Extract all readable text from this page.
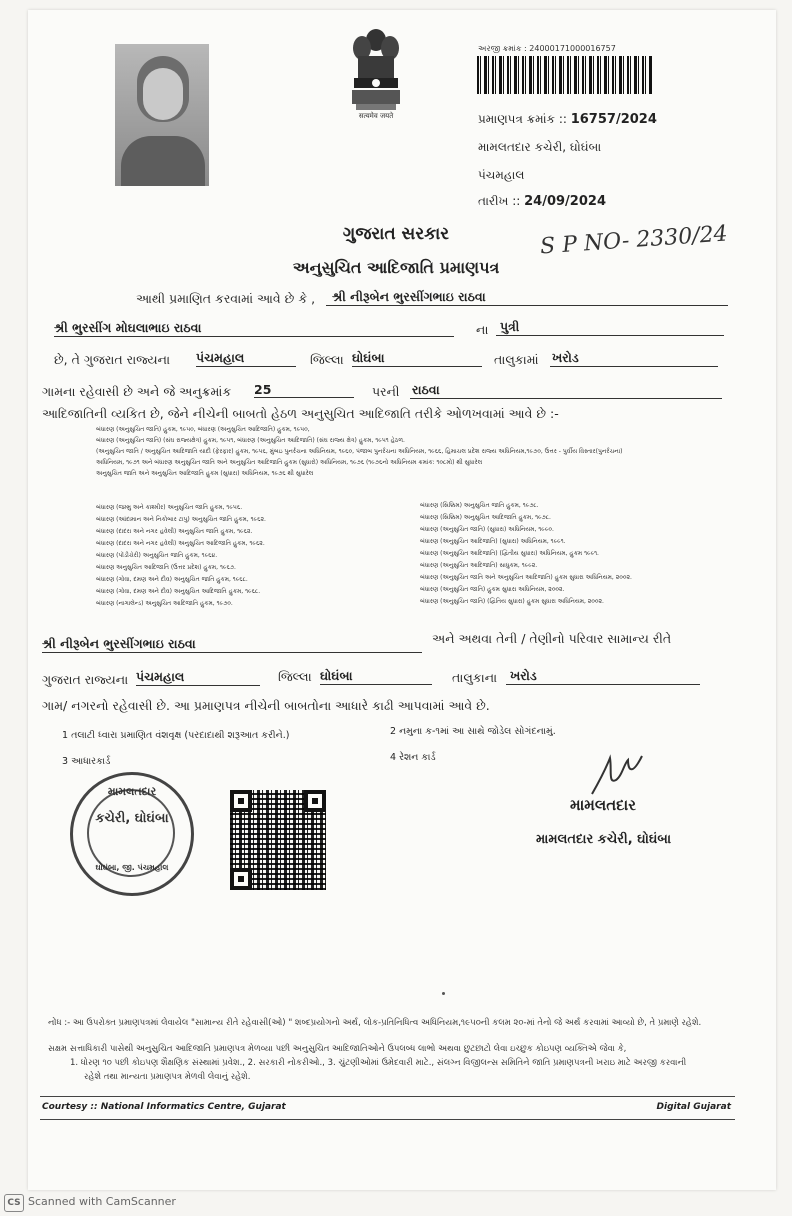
सत्यमेव जयते
અરજી ક્રમાંક : 24000171000016757
પ્રમાણપત્ર ક્રમાંક :: 16757/2024
મામલતદાર કચેરી, ઘોઘંબા
પંચમહાલ
તારીખ :: 24/09/2024
ગુજરાત સરકાર
અનુસુચિત આદિજાતિ પ્રમાણપત્ર
S P NO- 2330/24
આથી પ્રમાણિત કરવામાં આવે છે કે ,	શ્રી નીરૂબેન ભુરસીંગભાઇ રાઠવા
શ્રી ભુરસીંગ મોઘલાભાઇ રાઠવા	ના પુત્રી
છે, તે ગુજરાત રાજ્યના પંચમહાલ	જિલ્લા ઘોઘંબા	તાલુકામાં ખરોડ
ગામના રહેવાસી છે અને જે અનુક્રમાંક 25	પરની રાઠવા
આદિજાતિની વ્યકિત છે, જેને નીચેની બાબતો હેઠળ અનુસુચિત આદિજાતિ તરીકે ઓળખવામાં આવે છે :-
બંધારણ (અનુસુચિત જાતિ) હુકમ, ૧૯૫૦, બંધારણ (અનુસુચિત આદિજાતિ) હુકમ, ૧૯૫૦,
બંધારણ (અનુસુચિત જાતિ) (સંઘ રાજ્યક્ષેત્ર) હુકમ, ૧૯૫૧, બંધારણ (અનુસુચિત આદિજાતિ) (સંઘ રાજ્ય ક્ષેત્ર) હુકમ, ૧૯૫૧ હેઠળ.
(અનુસુચિત જાતિ / અનુસુચિત આદિજાતિ યાદી (ફેરફાર) હુકમ, ૧૯૫૬, મુંબઇ પુનર્રચના અધિનિયમ, ૧૯૬૦, પંજાબ પુનર્રચના અધિનિયમ, ૧૯૬૬, હિમાચલ પ્રદેશ રાજ્ય અધિનિયમ,૧૯૭૦, ઉત્તર - પુર્વીય વિસ્તાર(પુનર્રચના)
અધિનિયમ, ૧૯૭૧ અને બંધારણ અનુસુચિત જાતિ અને અનુસુચિત આદિજાતિ હુકમ (સુધારો) અધિનિયમ, ૧૯૭૬ (૧૯૭૬નો અધિનિયમ ક્રમાંક: ૧૦૮મો) થી સુધારેલ
અનુસુચિત જાતિ અને અનુસુચિત આદિજાતિ હુકમ (સુધારા) અધિનિયમ, ૧૯૭૬ થી સુધારેલ
બંધારણ (જમ્મુ અને કાશ્મીર) અનુસુચિત જાતિ હુકમ, ૧૯૫૬.
બંધારણ (આંદામાન અને નિકોબાર ટાપુ) અનુસુચિત જાતિ હુકમ, ૧૯૬૨.
બંધારણ (દાદરા અને નગર હવેલી) અનુસુચિત જાતિ હુકમ, ૧૯૬૨.
બંધારણ (દાદરા અને નગર હવેલી) અનુસુચિત આદિજાતિ હુકમ, ૧૯૬૨.
બંધારણ (પોંડીચેરી) અનુસુચિત જાતિ હુકમ, ૧૯૬૪.
બંધારણ અનુસુચિત આદિજાતિ (ઉત્તર પ્રદેશ) હુકમ, ૧૯૬૭.
બંધારણ (ગોવા, દમણ અને દીવ) અનુસુચિત જાતિ હુકમ, ૧૯૬૮.
બંધારણ (ગોવા, દમણ અને દીવ) અનુસુચિત આદિજાતિ હુકમ, ૧૯૬૮.
બંધારણ (નાગાલેન્ડ) અનુસુચિત આદિજાતિ હુકમ, ૧૯૭૦.
બંધારણ (સિક્કિમ) અનુસુચિત જાતિ હુકમ, ૧૯૭૮.
બંધારણ (સિક્કિમ) અનુસુચિત આદિજાતિ હુકમ, ૧૯૭૮.
બંધારણ (અનુસુચિત જાતિ) (સુધારા) અધિનિયમ, ૧૯૯૦.
બંધારણ (અનુસુચિત આદિજાતિ) (સુધારા) અધિનિયમ, ૧૯૯૧.
બંધારણ (અનુસુચિત આદિજાતિ) (દ્વિતીય સુધારા) અધિનિયમ, હુકમ ૧૯૯૧.
બંધારણ (અનુસુચિત આદિજાતિ) સાધુકમ, ૧૯૯૨.
બંધારણ (અનુસુચિત જાતિ અને અનુસુચિત આદિજાતિ) હુકમ સુધારા અધિનિયમ, ૨૦૦૨.
બંધારણ (અનુસુચિત જાતિ) હુકમ સુધારા અધિનિયમ, ૨૦૦૨.
બંધારણ (અનુસુચિત જાતિ) (દ્વિતિય સુધારા) હુકમ સુધારા અધિનિયમ, ૨૦૦૨.
શ્રી નીરૂબેન ભુરસીંગભાઇ રાઠવા	અને અથવા તેની / તેણીનો પરિવાર સામાન્ય રીતે
ગુજરાત રાજ્યના પંચમહાલ	જિલ્લા ઘોઘંબા	તાલુકાના	ખરોડ
ગામ/ નગરનો રહેવાસી છે. આ પ્રમાણપત્ર નીચેની બાબતોના આધારે કાઢી આપવામાં આવે છે.
1 તલાટી ધ્વારા પ્રમાણિત વંશવૃક્ષ (પરદાદાથી શરૂઆત કરીને.)	2 નમુના ક-૧માં આ સાથે જોડેલ સોગંદનામું.
3 આધારકાર્ડ	4 રેશન કાર્ડ
મામલતદાર
કચેરી, ઘોઘંબા
ઘોઘંબા, જી. પંચમહાલ
મામલતદાર
મામલતદાર કચેરી, ઘોઘંબા
નોંધ :- આ ઉપરોક્ત પ્રમાણપત્રમાં લેવાયેલ "સામાન્ય રીતે રહેવાસી(ઓ) " શબ્દપ્રયોગનો અર્થ, લોક-પ્રતિનિધિત્વ અધિનિયમ,૧૯૫૦ની કલમ ૨૦-માં તેનો જે અર્થ કરવામાં આવ્યો છે, તે પ્રમાણે રહેશે.
સક્ષમ સત્તાધિકારી પાસેથી અનુસુચિત આદિજાતિ પ્રમાણપત્ર મેળવ્યા પછી અનુસુચિત આદિજાતિઓને ઉપલબ્ધ લાભો અથવા છુટછાટો લેવા ઇચ્છુક કોઇપણ વ્યક્તિએ જેવા કે,
1. ધોરણ ૧૦ પછી કોઇપણ શૈક્ષણિક સંસ્થામાં પ્રવેશ., 2. સરકારી નોકરીઓ., 3. ચુંટણીઓમાં ઉમેદવારી માટે., સંલગ્ન વિજીલન્સ સમિતિને જાતિ પ્રમાણપત્રની ખરાઇ માટે અરજી કરવાની
રહેશે તથા માન્યતા પ્રમાણપત્ર મેળવી લેવાનું રહેશે.
Courtesy :: National Informatics Centre, Gujarat	Digital Gujarat
CS Scanned with CamScanner
